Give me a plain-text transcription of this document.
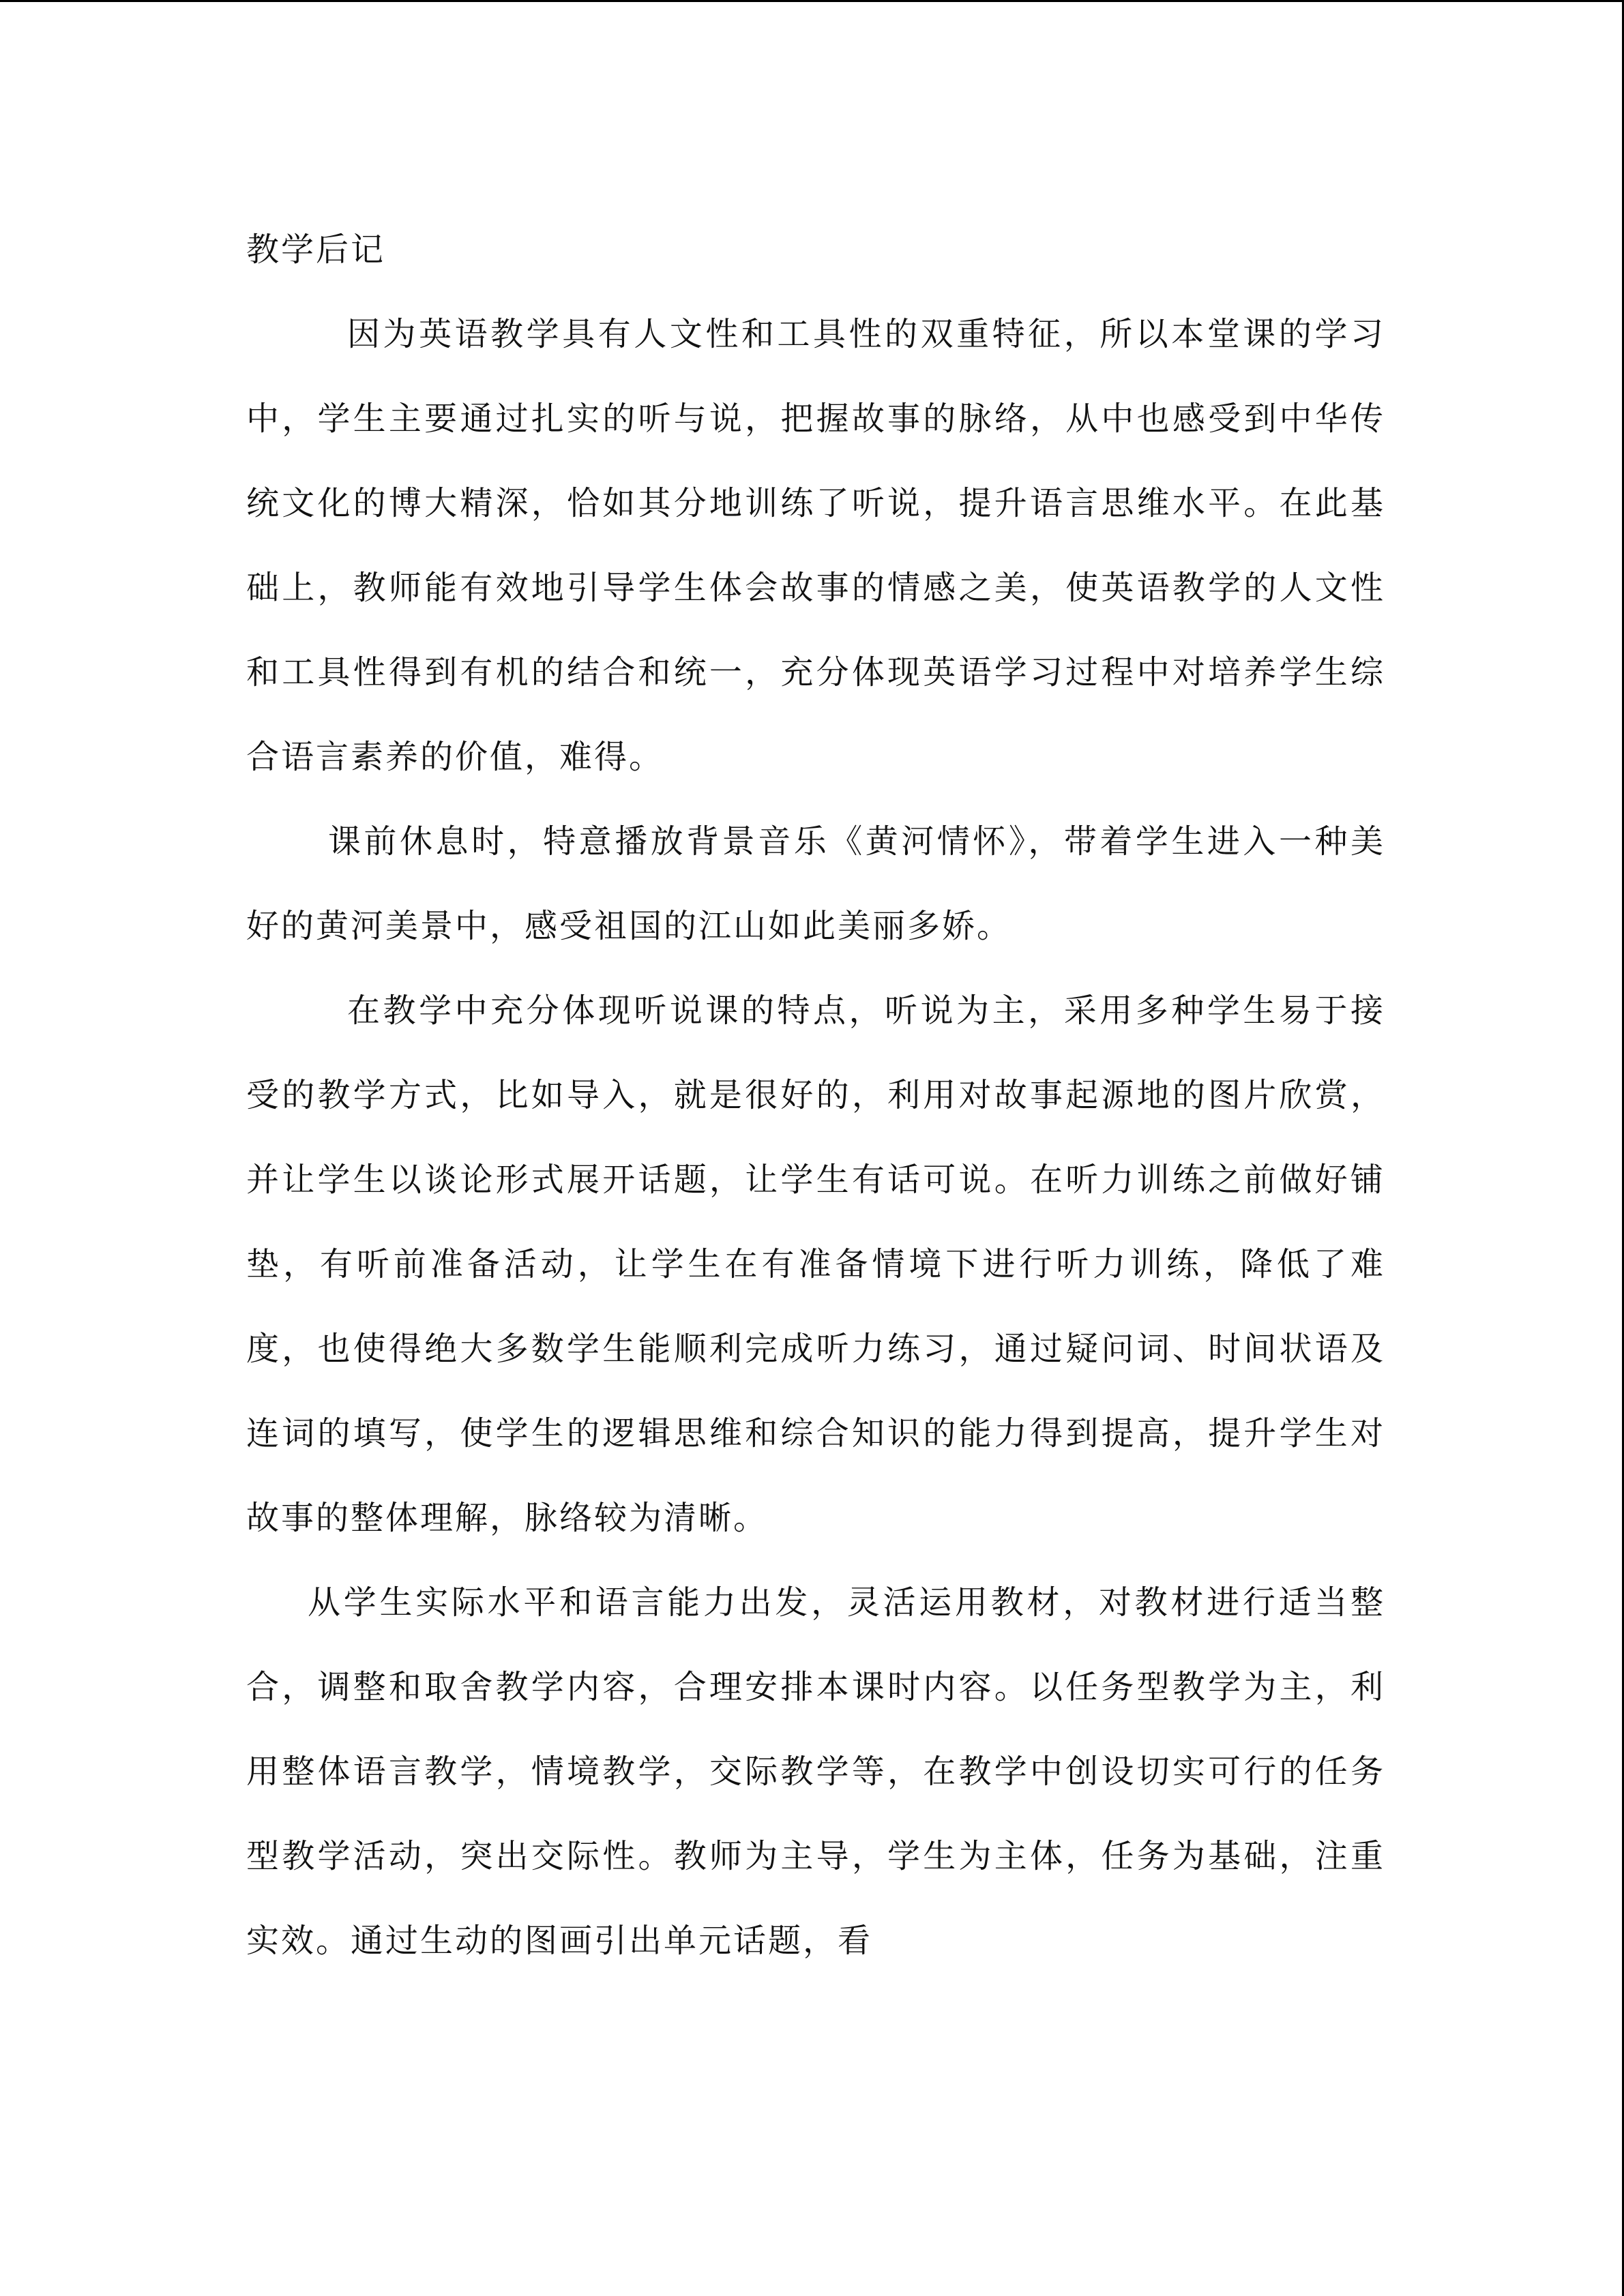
教学后记

因为英语教学具有人文性和工具性的双重特征，所以本堂课的学习中，学生主要通过扎实的听与说，把握故事的脉络，从中也感受到中华传统文化的博大精深，恰如其分地训练了听说，提升语言思维水平。在此基础上，教师能有效地引导学生体会故事的情感之美，使英语教学的人文性和工具性得到有机的结合和统一，充分体现英语学习过程中对培养学生综合语言素养的价值，难得。

课前休息时，特意播放背景音乐《黄河情怀》，带着学生进入一种美好的黄河美景中，感受祖国的江山如此美丽多娇。

在教学中充分体现听说课的特点，听说为主，采用多种学生易于接受的教学方式，比如导入，就是很好的，利用对故事起源地的图片欣赏，并让学生以谈论形式展开话题，让学生有话可说。在听力训练之前做好铺垫，有听前准备活动，让学生在有准备情境下进行听力训练，降低了难度，也使得绝大多数学生能顺利完成听力练习，通过疑问词、时间状语及连词的填写，使学生的逻辑思维和综合知识的能力得到提高，提升学生对故事的整体理解，脉络较为清晰。

从学生实际水平和语言能力出发，灵活运用教材，对教材进行适当整合，调整和取舍教学内容，合理安排本课时内容。以任务型教学为主，利用整体语言教学，情境教学，交际教学等，在教学中创设切实可行的任务型教学活动，突出交际性。教师为主导，学生为主体，任务为基础，注重实效。通过生动的图画引出单元话题，看
